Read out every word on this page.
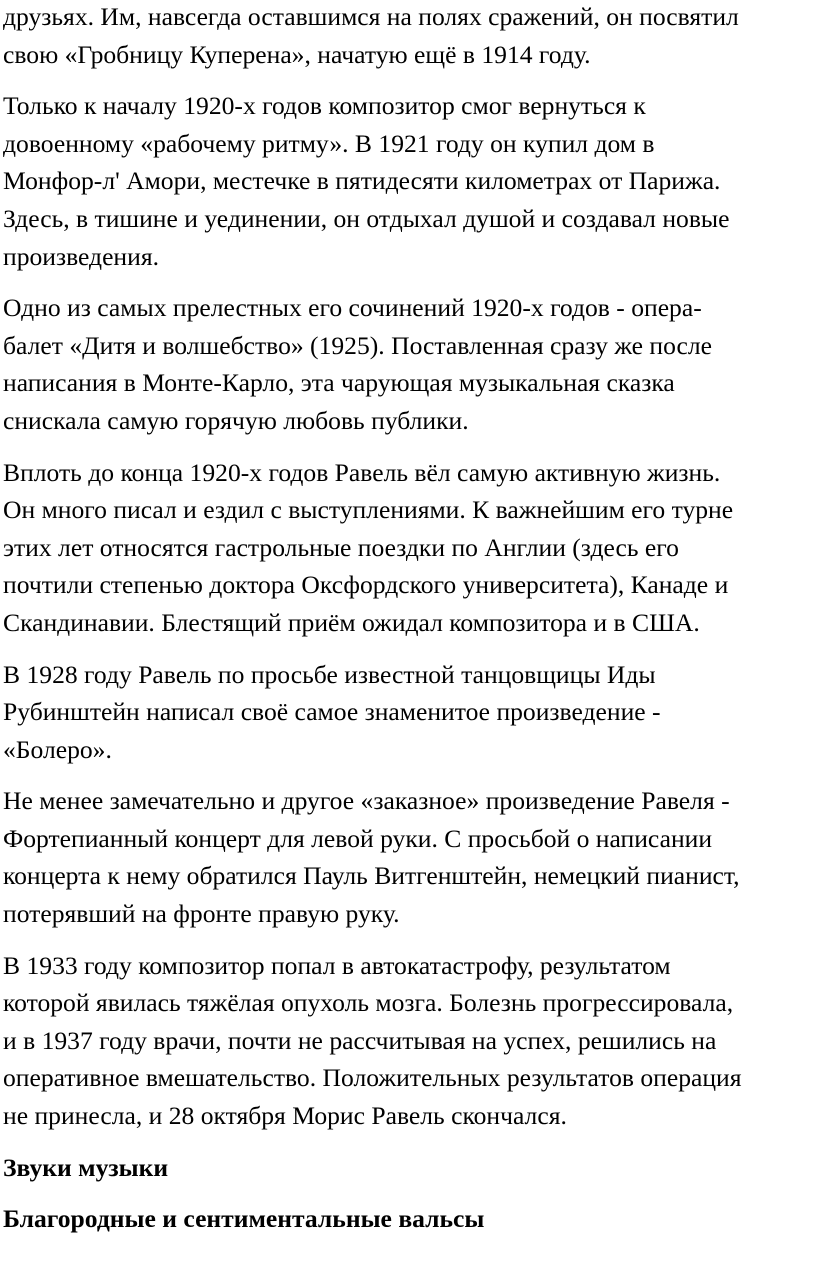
друзьях. Им, навсегда оставшимся на полях сражений, он посвятил
свою «Гробницу Куперена», начатую ещё в 1914 году.

Только к началу 1920-х годов композитор смог вернуться к
довоенному «рабочему ритму». В 1921 году он купил дом в
Монфор-л' Амори, местечке в пятидесяти километрах от Парижа.
Здесь, в тишине и уединении, он отдыхал душой и создавал новые
произведения.

Одно из самых прелестных его сочинений 1920-х годов - опера-
балет «Дитя и волшебство» (1925). Поставленная сразу же после
написания в Монте-Карло, эта чарующая музыкальная сказка
снискала самую горячую любовь публики.

Вплоть до конца 1920-х годов Равель вёл самую активную жизнь.
Он много писал и ездил с выступлениями. К важнейшим его турне
этих лет относятся гастрольные поездки по Англии (здесь его
почтили степенью доктора Оксфордского университета), Канаде и
Скандинавии. Блестящий приём ожидал композитора и в США.

В 1928 году Равель по просьбе известной танцовщицы Иды
Рубинштейн написал своё самое знаменитое произведение -
«Болеро».

Не менее замечательно и другое «заказное» произведение Равеля -
Фортепианный концерт для левой руки. С просьбой о написании
концерта к нему обратился Пауль Витгенштейн, немецкий пианист,
потерявший на фронте правую руку.

В 1933 году композитор попал в автокатастрофу, результатом
которой явилась тяжёлая опухоль мозга. Болезнь прогрессировала,
и в 1937 году врачи, почти не рассчитывая на успех, решились на
оперативное вмешательство. Положительных результатов операция
не принесла, и 28 октября Морис Равель скончался.

Звуки музыки

Благородные и сентиментальные вальсы
